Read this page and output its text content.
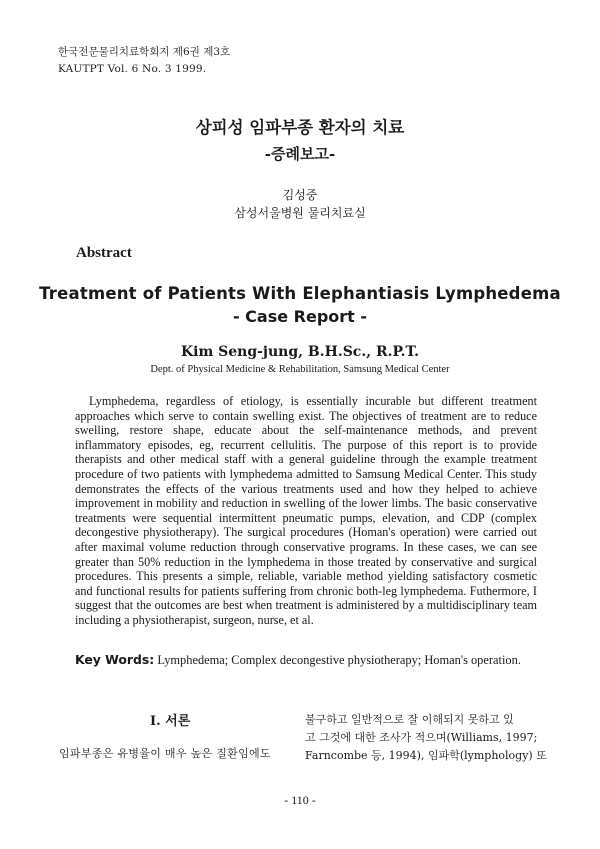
한국전문물리치료학회지 제6권 제3호
KAUTPT Vol. 6 No. 3 1999.
상피성 임파부종 환자의 치료
-증례보고-
김성중
삼성서울병원 물리치료실
Abstract
Treatment of Patients With Elephantiasis Lymphedema
- Case Report -
Kim Seng-jung, B.H.Sc., R.P.T.
Dept. of Physical Medicine & Rehabilitation, Samsung Medical Center
Lymphedema, regardless of etiology, is essentially incurable but different treatment approaches which serve to contain swelling exist. The objectives of treatment are to reduce swelling, restore shape, educate about the self-maintenance methods, and prevent inflammatory episodes, eg, recurrent cellulitis. The purpose of this report is to provide therapists and other medical staff with a general guideline through the example treatment procedure of two patients with lymphedema admitted to Samsung Medical Center. This study demonstrates the effects of the various treatments used and how they helped to achieve improvement in mobility and reduction in swelling of the lower limbs. The basic conservative treatments were sequential intermittent pneumatic pumps, elevation, and CDP (complex decongestive physiotherapy). The surgical procedures (Homan's operation) were carried out after maximal volume reduction through conservative programs. In these cases, we can see greater than 50% reduction in the lymphedema in those treated by conservative and surgical procedures. This presents a simple, reliable, variable method yielding satisfactory cosmetic and functional results for patients suffering from chronic both-leg lymphedema. Futhermore, I suggest that the outcomes are best when treatment is administered by a multidisciplinary team including a physiotherapist, surgeon, nurse, et al.
Key Words: Lymphedema; Complex decongestive physiotherapy; Homan's operation.
I. 서론
임파부종은 유병율이 매우 높은 질환임에도
불구하고 일반적으로 잘 이해되지 못하고 있
고 그것에 대한 조사가 적으며(Williams, 1997;
Farncombe 등, 1994), 임파학(lymphology) 또
- 110 -
